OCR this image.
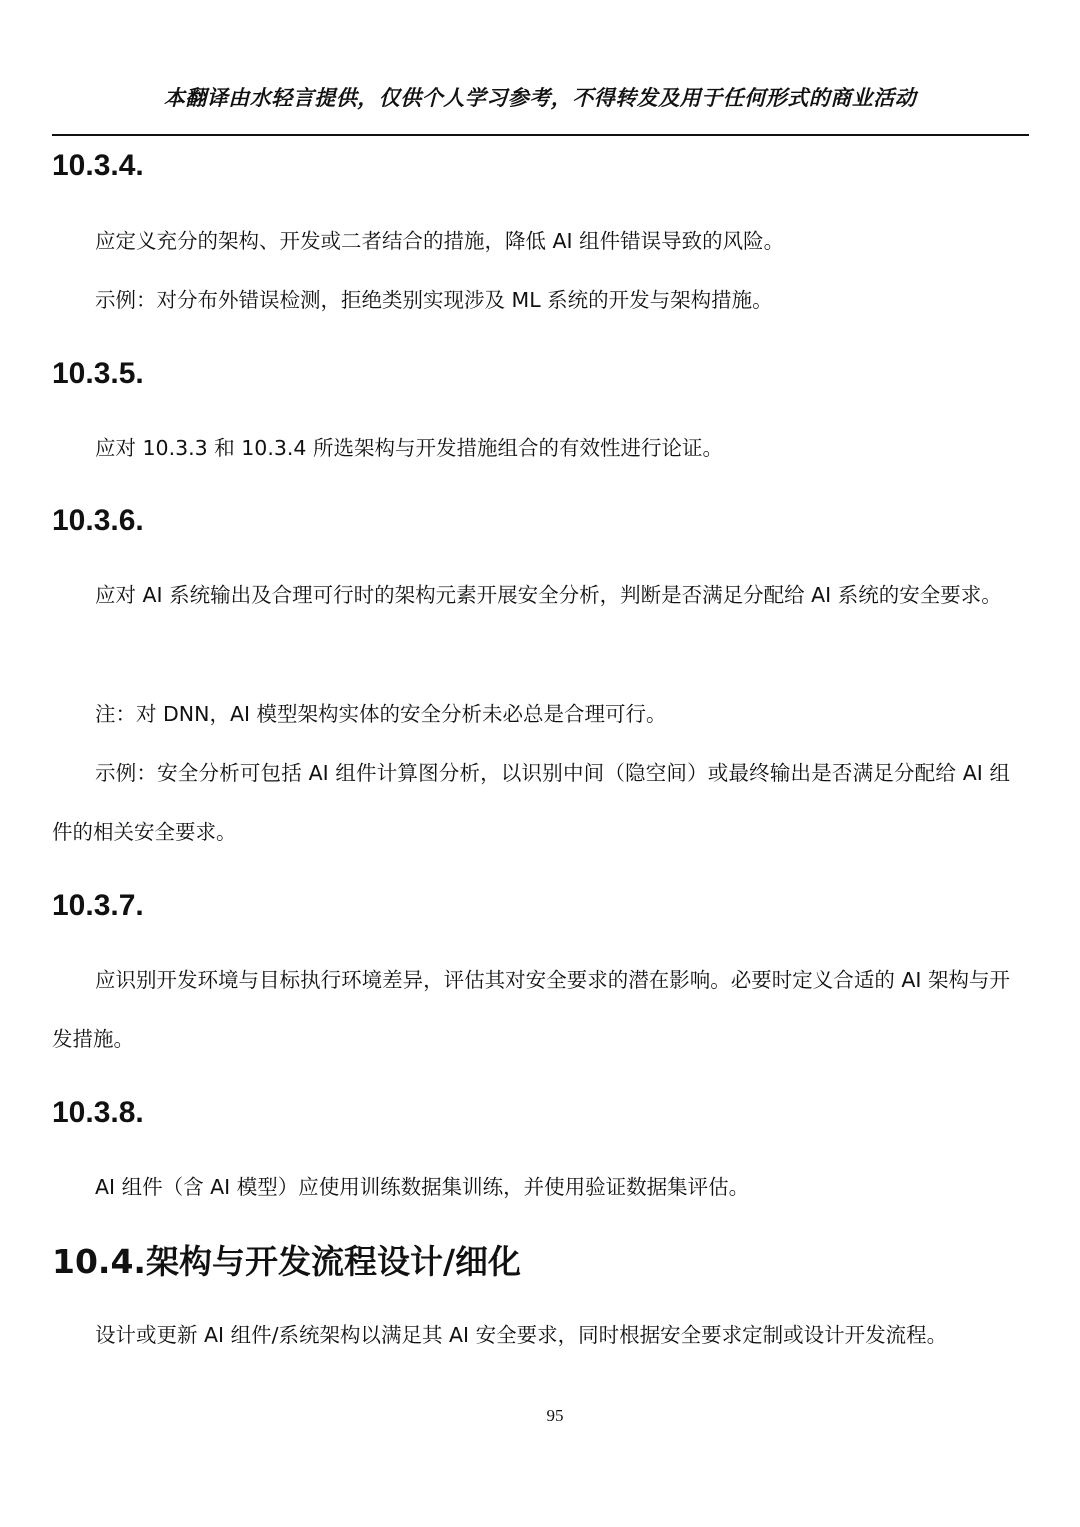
本翻译由水轻言提供，仅供个人学习参考，不得转发及用于任何形式的商业活动
10.3.4.
应定义充分的架构、开发或二者结合的措施，降低 AI 组件错误导致的风险。
示例：对分布外错误检测，拒绝类别实现涉及 ML 系统的开发与架构措施。
10.3.5.
应对 10.3.3 和 10.3.4 所选架构与开发措施组合的有效性进行论证。
10.3.6.
应对 AI 系统输出及合理可行时的架构元素开展安全分析，判断是否满足分配给 AI 系统的安全要求。
注：对 DNN，AI 模型架构实体的安全分析未必总是合理可行。
示例：安全分析可包括 AI 组件计算图分析，以识别中间（隐空间）或最终输出是否满足分配给 AI 组件的相关安全要求。
10.3.7.
应识别开发环境与目标执行环境差异，评估其对安全要求的潜在影响。必要时定义合适的 AI 架构与开发措施。
10.3.8.
AI 组件（含 AI 模型）应使用训练数据集训练，并使用验证数据集评估。
10.4.架构与开发流程设计/细化
设计或更新 AI 组件/系统架构以满足其 AI 安全要求，同时根据安全要求定制或设计开发流程。
95
